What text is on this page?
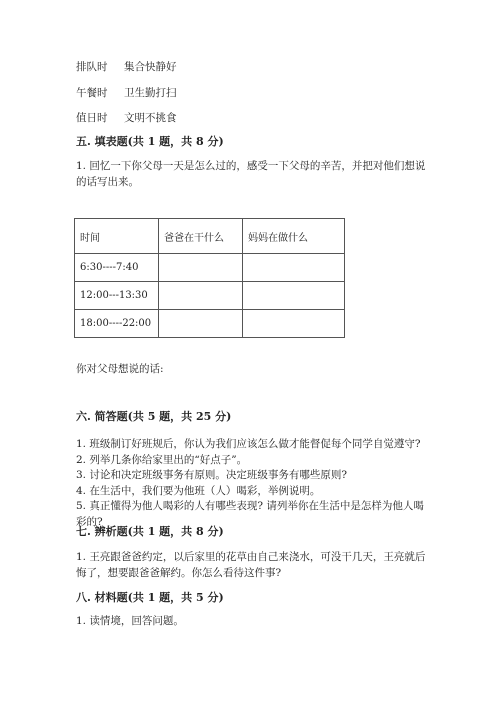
排队时 集合快静好
午餐时 卫生勤打扫
值日时 文明不挑食
五. 填表题(共 1 题，共 8 分)
1. 回忆一下你父母一天是怎么过的，感受一下父母的辛苦，并把对他们想说的话写出来。
时间	爸爸在干什么	妈妈在做什么
6:30----7:40		
12:00---13:30		
18:00----22:00		
你对父母想说的话:
六. 简答题(共 5 题，共 25 分)
1. 班级制订好班规后，你认为我们应该怎么做才能督促每个同学自觉遵守?
2. 列举几条你给家里出的“好点子”。
3. 讨论和决定班级事务有原则。决定班级事务有哪些原则?
4. 在生活中，我们要为他班（人）喝彩，举例说明。
5. 真正懂得为他人喝彩的人有哪些表现? 请列举你在生活中是怎样为他人喝彩的?
七. 辨析题(共 1 题，共 8 分)
1. 王亮跟爸爸约定，以后家里的花草由自己来浇水，可没干几天，王亮就后悔了，想要跟爸爸解约。你怎么看待这件事?
八. 材料题(共 1 题，共 5 分)
1. 读情境，回答问题。
